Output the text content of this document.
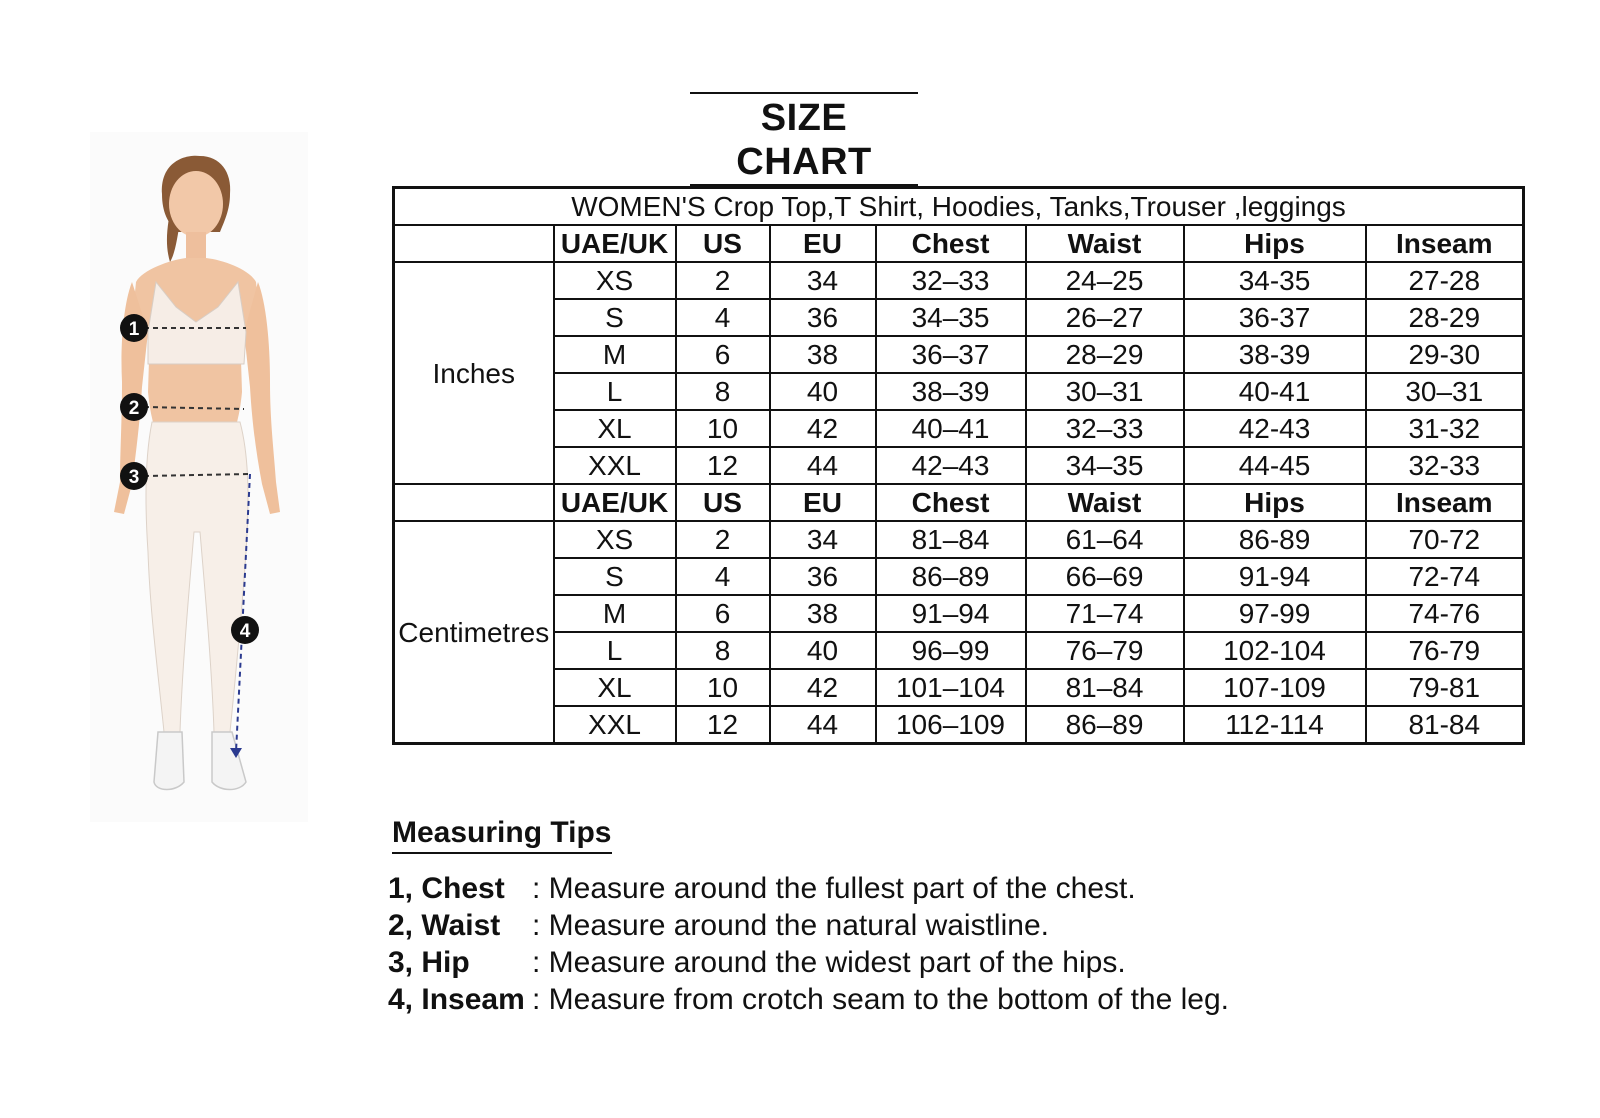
SIZE CHART
1
2
3
4
WOMEN'S Crop Top,T Shirt, Hoodies, Tanks,Trouser ,leggings							
	UAE/UK	US	EU	Chest	Waist	Hips	Inseam
Inches	XS	2	34	32–33	24–25	34-35	27-28
	S	4	36	34–35	26–27	36-37	28-29
	M	6	38	36–37	28–29	38-39	29-30
	L	8	40	38–39	30–31	40-41	30–31
	XL	10	42	40–41	32–33	42-43	31-32
	XXL	12	44	42–43	34–35	44-45	32-33
	UAE/UK	US	EU	Chest	Waist	Hips	Inseam
Centimetres	XS	2	34	81–84	61–64	86-89	70-72
	S	4	36	86–89	66–69	91-94	72-74
	M	6	38	91–94	71–74	97-99	74-76
	L	8	40	96–99	76–79	102-104	76-79
	XL	10	42	101–104	81–84	107-109	79-81
	XXL	12	44	106–109	86–89	112-114	81-84
Measuring Tips
1, Chest : Measure around the fullest part of the chest.
2, Waist	: Measure around the natural waistline.
3, Hip	: Measure around the widest part of the hips.
4, Inseam : Measure from crotch seam to the bottom of the leg.
